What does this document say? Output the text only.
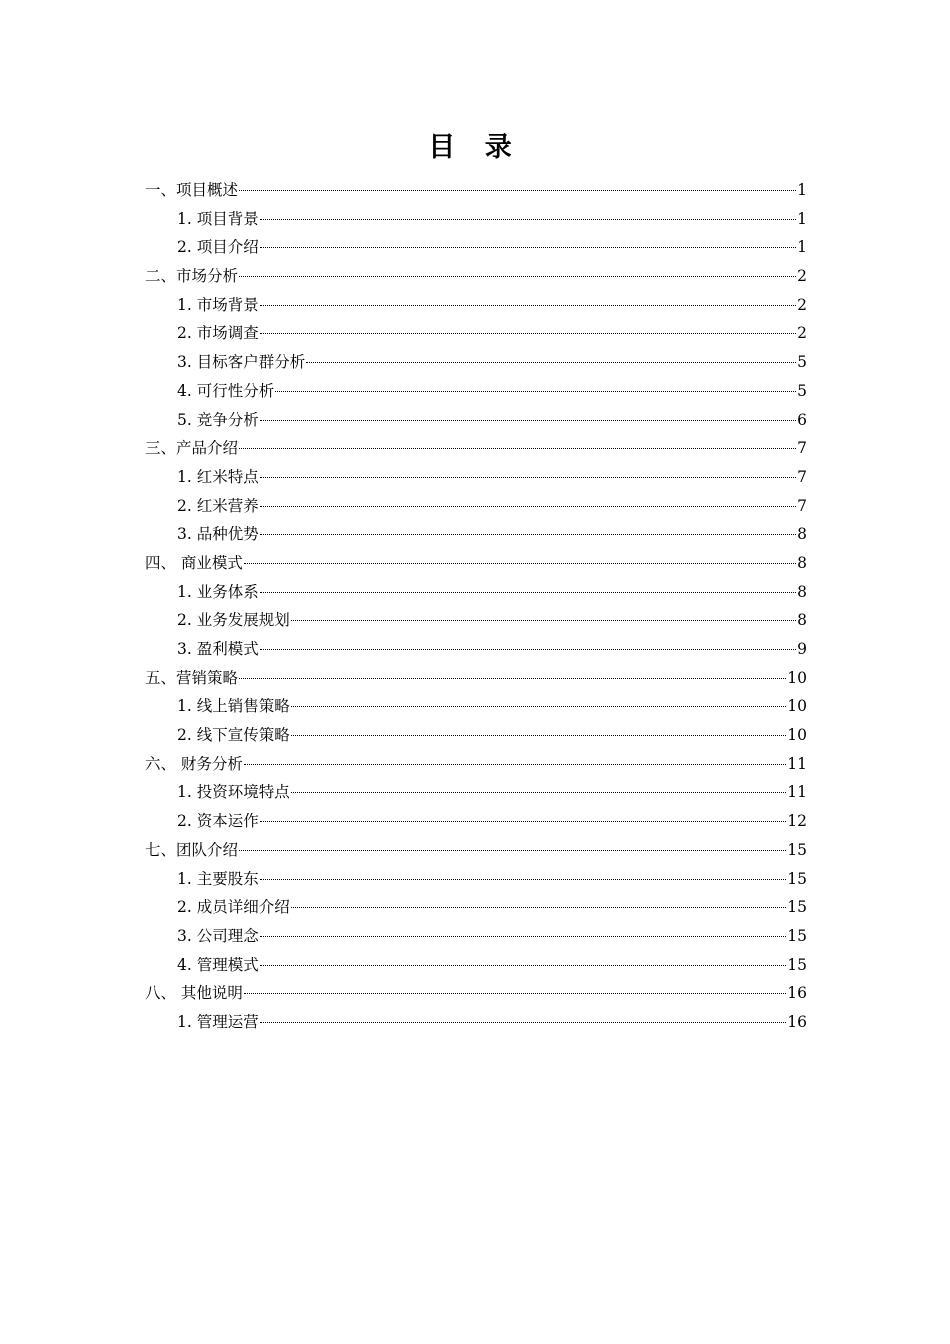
目 录
一、项目概述	1
1. 项目背景	1
2. 项目介绍	1
二、市场分析	2
1. 市场背景	2
2. 市场调查	2
3. 目标客户群分析	5
4. 可行性分析	5
5. 竞争分析	6
三、产品介绍	7
1. 红米特点	7
2. 红米营养	7
3. 品种优势	8
四、 商业模式	8
1. 业务体系	8
2. 业务发展规划	8
3. 盈利模式	9
五、营销策略	10
1. 线上销售策略	10
2. 线下宣传策略	10
六、 财务分析	11
1. 投资环境特点	11
2. 资本运作	12
七、团队介绍	15
1. 主要股东	15
2. 成员详细介绍	15
3. 公司理念	15
4. 管理模式	15
八、 其他说明	16
1. 管理运营	16
